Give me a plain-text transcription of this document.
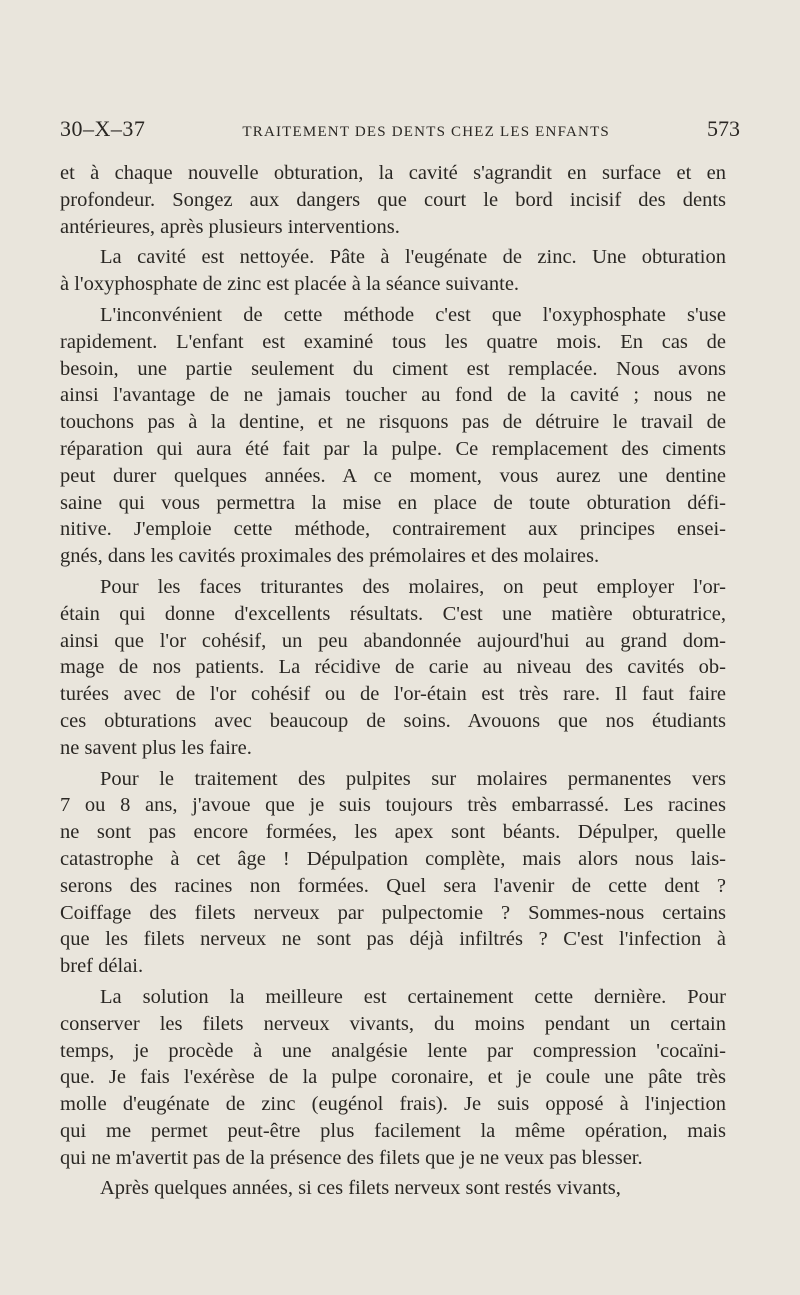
30–X–37	TRAITEMENT DES DENTS CHEZ LES ENFANTS	573

et à chaque nouvelle obturation, la cavité s'agrandit en surface et en
profondeur. Songez aux dangers que court le bord incisif des dents
antérieures, après plusieurs interventions.

La cavité est nettoyée. Pâte à l'eugénate de zinc. Une obturation
à l'oxyphosphate de zinc est placée à la séance suivante.

L'inconvénient de cette méthode c'est que l'oxyphosphate s'use
rapidement. L'enfant est examiné tous les quatre mois. En cas de
besoin, une partie seulement du ciment est remplacée. Nous avons
ainsi l'avantage de ne jamais toucher au fond de la cavité ; nous ne
touchons pas à la dentine, et ne risquons pas de détruire le travail de
réparation qui aura été fait par la pulpe. Ce remplacement des ciments
peut durer quelques années. A ce moment, vous aurez une dentine
saine qui vous permettra la mise en place de toute obturation défi-
nitive. J'emploie cette méthode, contrairement aux principes ensei-
gnés, dans les cavités proximales des prémolaires et des molaires.

Pour les faces triturantes des molaires, on peut employer l'or-
étain qui donne d'excellents résultats. C'est une matière obturatrice,
ainsi que l'or cohésif, un peu abandonnée aujourd'hui au grand dom-
mage de nos patients. La récidive de carie au niveau des cavités ob-
turées avec de l'or cohésif ou de l'or-étain est très rare. Il faut faire
ces obturations avec beaucoup de soins. Avouons que nos étudiants
ne savent plus les faire.

Pour le traitement des pulpites sur molaires permanentes vers
7 ou 8 ans, j'avoue que je suis toujours très embarrassé. Les racines
ne sont pas encore formées, les apex sont béants. Dépulper, quelle
catastrophe à cet âge ! Dépulpation complète, mais alors nous lais-
serons des racines non formées. Quel sera l'avenir de cette dent ?
Coiffage des filets nerveux par pulpectomie ? Sommes-nous certains
que les filets nerveux ne sont pas déjà infiltrés ? C'est l'infection à
bref délai.

La solution la meilleure est certainement cette dernière. Pour
conserver les filets nerveux vivants, du moins pendant un certain
temps, je procède à une analgésie lente par compression 'cocaïni-
que. Je fais l'exérèse de la pulpe coronaire, et je coule une pâte très
molle d'eugénate de zinc (eugénol frais). Je suis opposé à l'injection
qui me permet peut-être plus facilement la même opération, mais
qui ne m'avertit pas de la présence des filets que je ne veux pas blesser.

Après quelques années, si ces filets nerveux sont restés vivants,
